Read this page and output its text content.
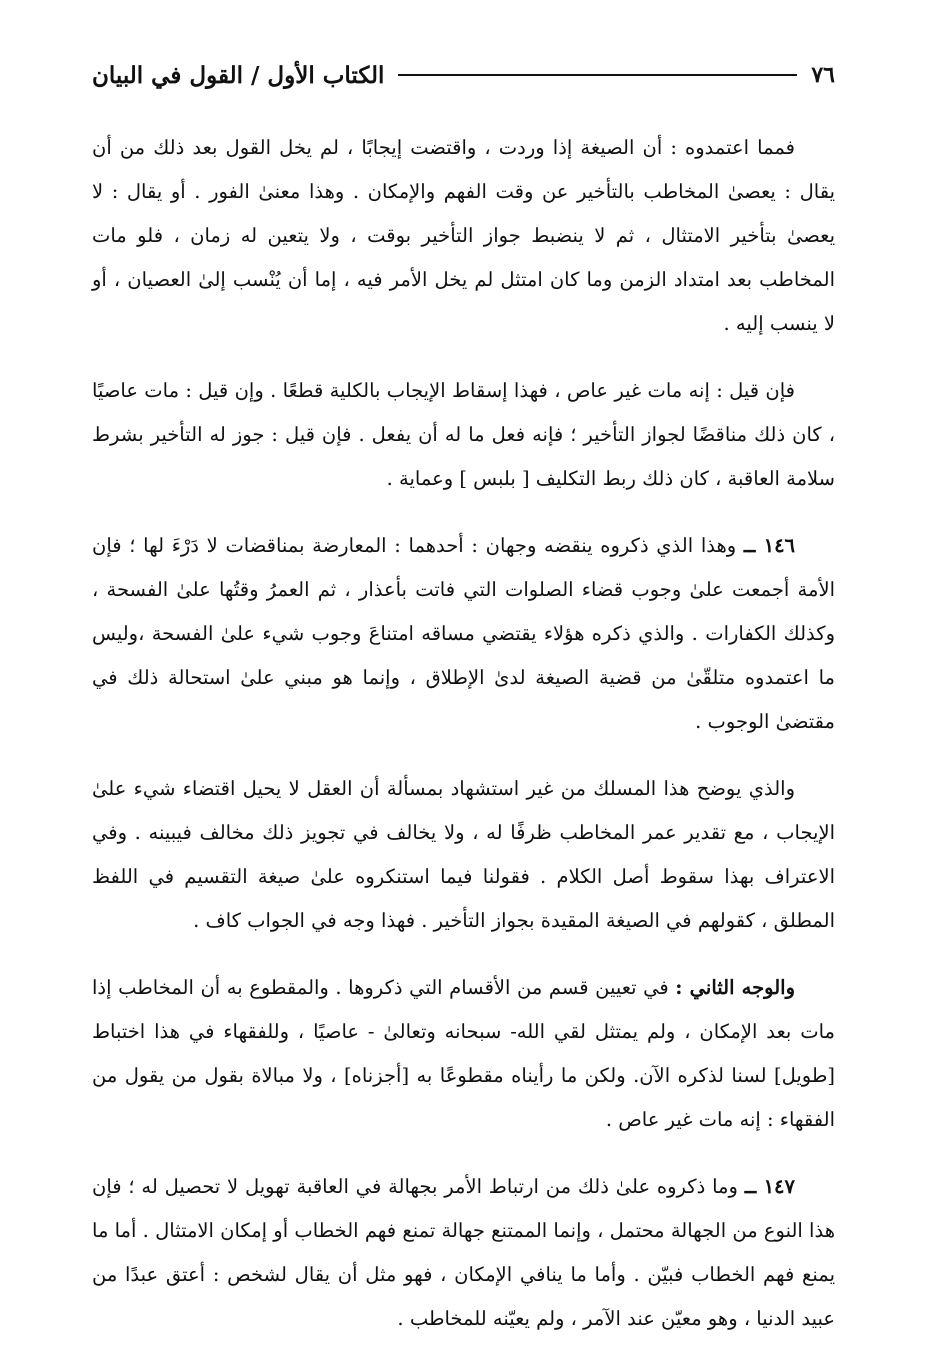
الكتاب الأول / القول في البيان	٧٦

فمما اعتمدوه : أن الصيغة إذا وردت ، واقتضت إيجابًا ، لم يخل القول بعد ذلك من أن يقال : يعصىٰ المخاطب بالتأخير عن وقت الفهم والإمكان . وهذا معنىٰ الفور . أو يقال : لا يعصىٰ بتأخير الامتثال ، ثم لا ينضبط جواز التأخير بوقت ، ولا يتعين له زمان ، فلو مات المخاطب بعد امتداد الزمن وما كان امتثل لم يخل الأمر فيه ، إما أن يُنْسب إلىٰ العصيان ، أو لا ينسب إليه .

فإن قيل : إنه مات غير عاص ، فهذا إسقاط الإيجاب بالكلية قطعًا . وإن قيل : مات عاصيًا ، كان ذلك مناقضًا لجواز التأخير ؛ فإنه فعل ما له أن يفعل . فإن قيل : جوز له التأخير بشرط سلامة العاقبة ، كان ذلك ربط التكليف [ بلبس ] وعماية .

١٤٦ ــ وهذا الذي ذكروه ينقضه وجهان : أحدهما : المعارضة بمناقضات لا دَرْءَ لها ؛ فإن الأمة أجمعت علىٰ وجوب قضاء الصلوات التي فاتت بأعذار ، ثم العمرُ وقتُها علىٰ الفسحة ، وكذلك الكفارات . والذي ذكره هؤلاء يقتضي مساقه امتناعَ وجوب شيء علىٰ الفسحة ،وليس ما اعتمدوه متلقّىٰ من قضية الصيغة لدىٰ الإطلاق ، وإنما هو مبني علىٰ استحالة ذلك في مقتضىٰ الوجوب .

والذي يوضح هذا المسلك من غير استشهاد بمسألة أن العقل لا يحيل اقتضاء شيء علىٰ الإيجاب ، مع تقدير عمر المخاطب ظرفًا له ، ولا يخالف في تجويز ذلك مخالف فيبينه . وفي الاعتراف بهذا سقوط أصل الكلام . فقولنا فيما استنكروه علىٰ صيغة التقسيم في اللفظ المطلق ، كقولهم في الصيغة المقيدة بجواز التأخير . فهذا وجه في الجواب كاف .

والوجه الثاني : في تعيين قسم من الأقسام التي ذكروها . والمقطوع به أن المخاطب إذا مات بعد الإمكان ، ولم يمتثل لقي الله- سبحانه وتعالىٰ - عاصيًا ، وللفقهاء في هذا اختباط [طويل] لسنا لذكره الآن. ولكن ما رأيناه مقطوعًا به [أجزناه] ، ولا مبالاة بقول من يقول من الفقهاء : إنه مات غير عاص .

١٤٧ ــ وما ذكروه علىٰ ذلك من ارتباط الأمر بجهالة في العاقبة تهويل لا تحصيل له ؛ فإن هذا النوع من الجهالة محتمل ، وإنما الممتنع جهالة تمنع فهم الخطاب أو إمكان الامتثال . أما ما يمنع فهم الخطاب فبيّن . وأما ما ينافي الإمكان ، فهو مثل أن يقال لشخص : أعتق عبدًا من عبيد الدنيا ، وهو معيّن عند الآمر ، ولم يعيّنه للمخاطب .
